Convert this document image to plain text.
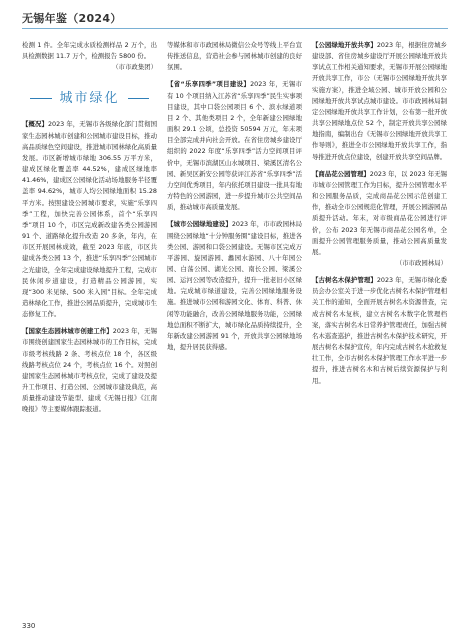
无锡年鉴（2024）

检测 1 件。全年完成水质检测样品 2 万个，出具检测数据 11.7 万个，检测报告 5800 份。

（市市政集团）

城市绿化

【概况】2023 年，无锡市各级绿化部门贯彻国家生态园林城市创建和公园城市建设目标，推动高品质绿色空间建设，推进城市园林绿化高质量发展。市区新增城市绿地 306.55 万平方米，建成区绿化覆盖率 44.52%，建成区绿地率 41.46%，建成区公园绿化活动场地服务半径覆盖率 94.62%，城市人均公园绿地面积 15.28 平方米。按照建设公园城市要求，实施“乐享四季”工程，加快完善公园体系，首个“乐享四季”项目 10 个，市区完成新改建各类公园游园 91 个、道路绿化提升改造 20 多条，年内，在市区开展园林成效，截至 2023 年底，市区共建成各类公园 13 个，推进“乐享四季”公园城市之光建设，全年完成建设绿地提升工程，完成市民休闲步道建设，打造精品公园游园，实现“300 米见绿、500 米入园”目标。全年完成造林绿化工作，推进公园品质提升，完成城市生态修复工作。

【国家生态园林城市创建工作】2023 年，无锡市围绕创建国家生态园林城市的工作目标，完成市级考核线路 2 条、考核点位 18 个，各区级线路考核点位 24 个，考核点位 16 个。对照创建国家生态园林城市考核点位，完成了建设及提升工作项目、打造公园、公园城市建设典范，高质量推动建设节能型、建成《无锡日报》《江南晚报》等主要媒体跟踪报道。

等媒体和市市政园林局微信公众号等线上平台宣传推送信息，营造社会参与园林城市创建的良好氛围。

【省“乐享四季”项目建设】2023 年，无锡市有 10 个项目纳入江苏省“乐享四季”民生实事项目建设，其中口袋公园项目 6 个、滨水绿道项目 2 个、其他类项目 2 个，全年新建公园绿地面积 29.1 公顷，总投资 50594 万元，年末项目全部完成并向社会开放。在省住房城乡建设厅组织的 2022 年度“乐享四季”活力空间项目评价中，无锡市滨湖区山水城项目、梁溪区清名公园、新吴区新安公园等获评江苏省“乐享四季”活力空间优秀项目，年内依托项目建设一批具有地方特色的公园游园，进一步提升城市公共空间品质，推动城市高质量发展。

【城市公园绿地建设】2023 年，市市政园林局围绕公园绿地“十分钟服务圈”建设目标，推进各类公园、游园和口袋公园建设。无锡市区完成万平游园、旋园游园、蠡园水游园、八十年园公园、白荡公园、湖光公园、南长公园、梁溪公园、运河公园等改造提升，提升一批老旧小区绿地。完成城市绿道建设，完善公园绿地服务设施。推进城市公园和游园文化、体育、科普、休闲等功能融合，改善公园绿地服务功能，公园绿地总面积不断扩大，城市绿化品质持续提升，全年新改建公园游园 91 个，开放共享公园绿地场地，提升居民获得感。

【公园绿地开放共享】2023 年，根据住房城乡建设部、省住房城乡建设厅开展公园绿地开放共享试点工作相关通知要求，无锡市开展公园绿地开放共享工作，市公（无锡市公园绿地开放共享实施方案），推进全域公园、城市开放公园和公园绿地开放共享试点城市建设。市市政园林局制定公园绿地开放共享工作计划，公布第一批开放共享公园绿地点位 52 个，制定开放共享公园绿地指南，编制出台《无锡市公园绿地开放共享工作导则》，推进全市公园绿地开放共享工作，指导推进开放点位建设，创建开放共享空间品牌。

【商品花公园管理】2023 年，以 2023 年无锡市城市公园管理工作为目标，提升公园管理水平和公园服务品质，完成商品花公园示范创建工作，推动全市公园规范化管理，开展公园游园品质提升活动。年末，对市级商品花公园进行评价，公布 2023 年无锡市商品花公园名单，全面提升公园管理服务质量，推动公园高质量发展。

（市市政园林局）

【古树名木保护管理】2023 年，无锡市绿化委员会办公室关于进一步优化古树名木保护管理相关工作的通知，全面开展古树名木资源普查，完成古树名木复核，建立古树名木数字化管理档案，落实古树名木日常养护管理责任，加强古树名木巡查巡护，推进古树名木保护技术研究，开展古树名木保护宣传，年内完成古树名木抢救复壮工作，全市古树名木保护管理工作水平进一步提升，推进古树名木和古树后续资源保护与利用。

330
